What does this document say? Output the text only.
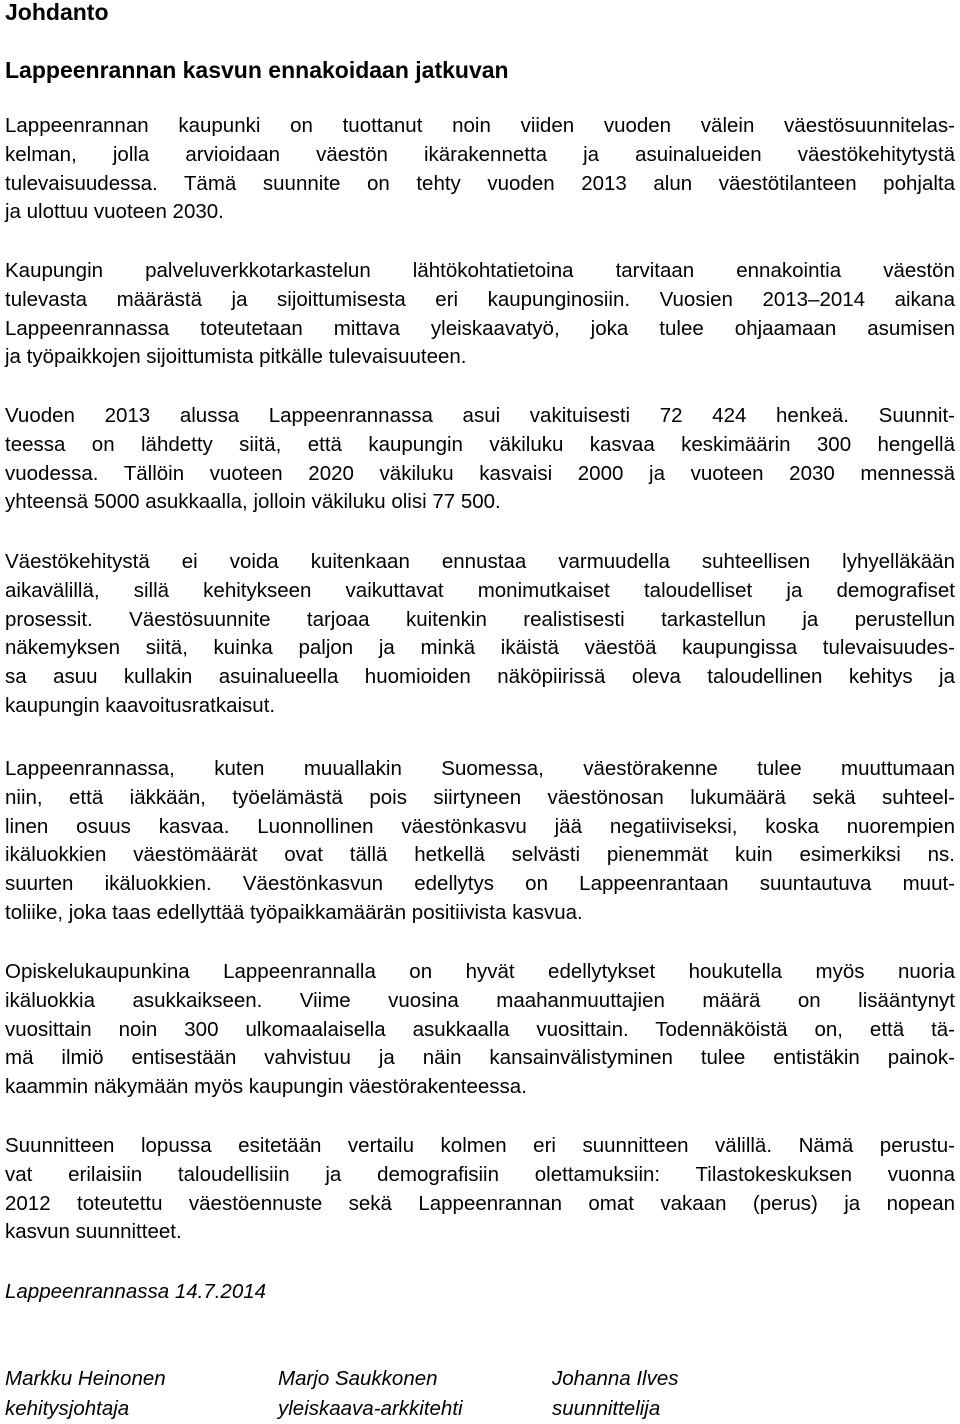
Johdanto
Lappeenrannan kasvun ennakoidaan jatkuvan
Lappeenrannan kaupunki on tuottanut noin viiden vuoden välein väestösuunnitelas-
kelman, jolla arvioidaan väestön ikärakennetta ja asuinalueiden väestökehitytystä
tulevaisuudessa. Tämä suunnite on tehty vuoden 2013 alun väestötilanteen pohjalta
ja ulottuu vuoteen 2030.
Kaupungin palveluverkkotarkastelun lähtökohtatietoina tarvitaan ennakointia väestön
tulevasta määrästä ja sijoittumisesta eri kaupunginosiin. Vuosien 2013–2014 aikana
Lappeenrannassa toteutetaan mittava yleiskaavatyö, joka tulee ohjaamaan asumisen
ja työpaikkojen sijoittumista pitkälle tulevaisuuteen.
Vuoden 2013 alussa Lappeenrannassa asui vakituisesti 72 424 henkeä. Suunnit-
teessa on lähdetty siitä, että kaupungin väkiluku kasvaa keskimäärin 300 hengellä
vuodessa. Tällöin vuoteen 2020 väkiluku kasvaisi 2000 ja vuoteen 2030 mennessä
yhteensä 5000 asukkaalla, jolloin väkiluku olisi 77 500.
Väestökehitystä ei voida kuitenkaan ennustaa varmuudella suhteellisen lyhyelläkään
aikavälillä, sillä kehitykseen vaikuttavat monimutkaiset taloudelliset ja demografiset
prosessit. Väestösuunnite tarjoaa kuitenkin realistisesti tarkastellun ja perustellun
näkemyksen siitä, kuinka paljon ja minkä ikäistä väestöä kaupungissa tulevaisuudes-
sa asuu kullakin asuinalueella huomioiden näköpiirissä oleva taloudellinen kehitys ja
kaupungin kaavoitusratkaisut.
Lappeenrannassa, kuten muuallakin Suomessa, väestörakenne tulee muuttumaan
niin, että iäkkään, työelämästä pois siirtyneen väestönosan lukumäärä sekä suhteel-
linen osuus kasvaa. Luonnollinen väestönkasvu jää negatiiviseksi, koska nuorempien
ikäluokkien väestömäärät ovat tällä hetkellä selvästi pienemmät kuin esimerkiksi ns.
suurten ikäluokkien. Väestönkasvun edellytys on Lappeenrantaan suuntautuva muut-
toliike, joka taas edellyttää työpaikkamäärän positiivista kasvua.
Opiskelukaupunkina Lappeenrannalla on hyvät edellytykset houkutella myös nuoria
ikäluokkia asukkaikseen. Viime vuosina maahanmuuttajien määrä on lisääntynyt
vuosittain noin 300 ulkomaalaisella asukkaalla vuosittain. Todennäköistä on, että tä-
mä ilmiö entisestään vahvistuu ja näin kansainvälistyminen tulee entistäkin painok-
kaammin näkymään myös kaupungin väestörakenteessa.
Suunnitteen lopussa esitetään vertailu kolmen eri suunnitteen välillä. Nämä perustu-
vat erilaisiin taloudellisiin ja demografisiin olettamuksiin: Tilastokeskuksen vuonna
2012 toteutettu väestöennuste sekä Lappeenrannan omat vakaan (perus) ja nopean
kasvun suunnitteet.
Lappeenrannassa 14.7.2014
Markku Heinonen
kehitysjohtaja
Marjo Saukkonen
yleiskaava-arkkitehti
Johanna Ilves
suunnittelija
